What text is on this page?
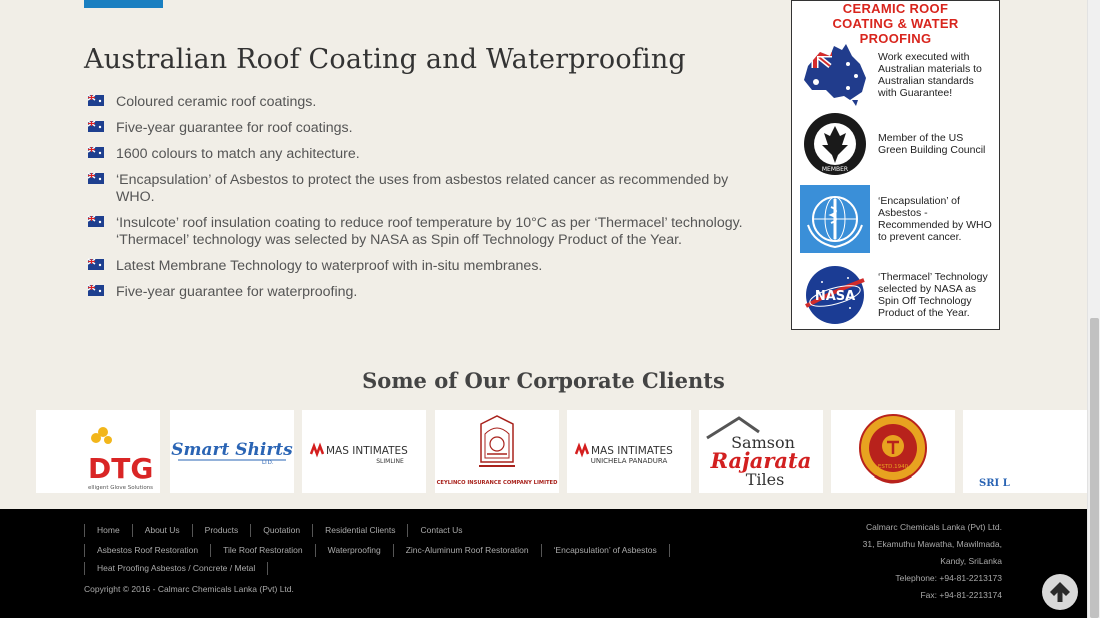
Australian Roof Coating and Waterproofing
Coloured ceramic roof coatings.
Five-year guarantee for roof coatings.
1600 colours to match any achitecture.
‘Encapsulation’ of Asbestos to protect the uses from asbestos related cancer as recommended by WHO.
‘Insulcote’ roof insulation coating to reduce roof temperature by 10°C as per ‘Thermacel’ technology. ‘Thermacel’ technology was selected by NASA as Spin off Technology Product of the Year.
Latest Membrane Technology to waterproof with in-situ membranes.
Five-year guarantee for waterproofing.
CERAMIC ROOF COATING & WATER PROOFING
Work executed with Australian materials to Australian standards with Guarantee!
MEMBER
Member of the US Green Building Council
‘Encapsulation’ of Asbestos - Recommended by WHO to prevent cancer.
NASA
‘Thermacel’ Technology selected by NASA as Spin Off Technology Product of the Year.
Some of Our Corporate Clients
DTG
elligent Glove Solutions
Smart Shirts
LTD.
MAS INTIMATES
SLIMLINE
CEYLINCO INSURANCE COMPANY LIMITED
MAS INTIMATES
UNICHELA PANADURA
Samson
Rajarata
Tiles
ESTD.1940
SRI L
Home	About Us	Products	Quotation	Residential Clients	Contact Us
Asbestos Roof Restoration	Tile Roof Restoration	Waterproofing	Zinc-Aluminum Roof Restoration	‘Encapsulation’ of Asbestos
Heat Proofing Asbestos / Concrete / Metal
Copyright © 2016 - Calmarc Chemicals Lanka (Pvt) Ltd.
Calmarc Chemicals Lanka (Pvt) Ltd.
31, Ekamuthu Mawatha, Mawilmada,
Kandy, SriLanka
Telephone: +94-81-2213173
Fax: +94-81-2213174
